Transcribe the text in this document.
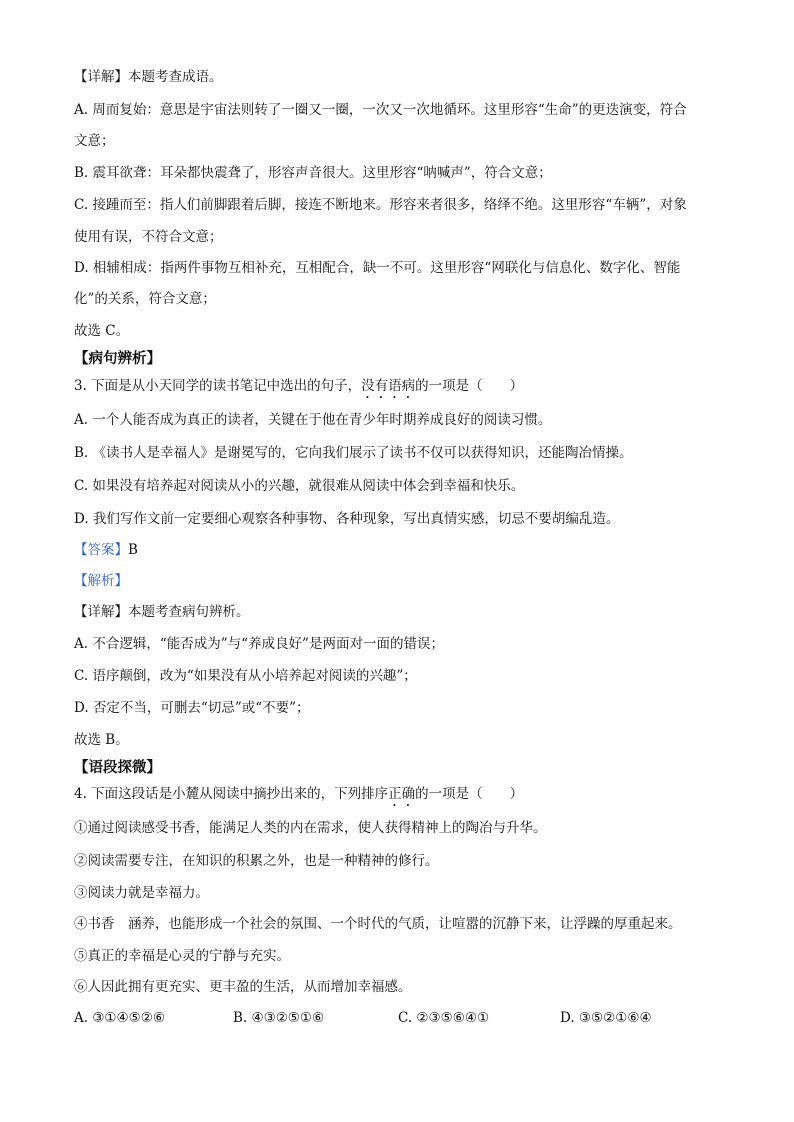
【详解】本题考查成语。
A. 周而复始：意思是宇宙法则转了一圈又一圈，一次又一次地循环。这里形容“生命”的更迭演变，符合
文意；
B. 震耳欲聋：耳朵都快震聋了，形容声音很大。这里形容“呐喊声”，符合文意；
C. 接踵而至：指人们前脚跟着后脚，接连不断地来。形容来者很多，络绎不绝。这里形容“车辆”，对象
使用有误，不符合文意；
D. 相辅相成：指两件事物互相补充，互相配合，缺一不可。这里形容“网联化与信息化、数字化、智能
化”的关系，符合文意；
故选 C。
【病句辨析】
3. 下面是从小天同学的读书笔记中选出的句子，没有语病的一项是（　　）
A. 一个人能否成为真正的读者，关键在于他在青少年时期养成良好的阅读习惯。
B. 《读书人是幸福人》是谢冕写的，它向我们展示了读书不仅可以获得知识，还能陶冶情操。
C. 如果没有培养起对阅读从小的兴趣，就很难从阅读中体会到幸福和快乐。
D. 我们写作文前一定要细心观察各种事物、各种现象，写出真情实感，切忌不要胡编乱造。
【答案】B
【解析】
【详解】本题考查病句辨析。
A. 不合逻辑，“能否成为”与“养成良好”是两面对一面的错误；
C. 语序颠倒，改为“如果没有从小培养起对阅读的兴趣”；
D. 否定不当，可删去“切忌”或“不要”；
故选 B。
【语段探微】
4. 下面这段话是小麓从阅读中摘抄出来的，下列排序正确的一项是（　　）
①通过阅读感受书香，能满足人类的内在需求，使人获得精神上的陶冶与升华。
②阅读需要专注，在知识的积累之外，也是一种精神的修行。
③阅读力就是幸福力。
④书香　涵养，也能形成一个社会的氛围、一个时代的气质，让喧嚣的沉静下来，让浮躁的厚重起来。
⑤真正的幸福是心灵的宁静与充实。
⑥人因此拥有更充实、更丰盈的生活，从而增加幸福感。
A. ③①④⑤②⑥	B. ④③②⑤①⑥	C. ②③⑤⑥④①	D. ③⑤②①⑥④
